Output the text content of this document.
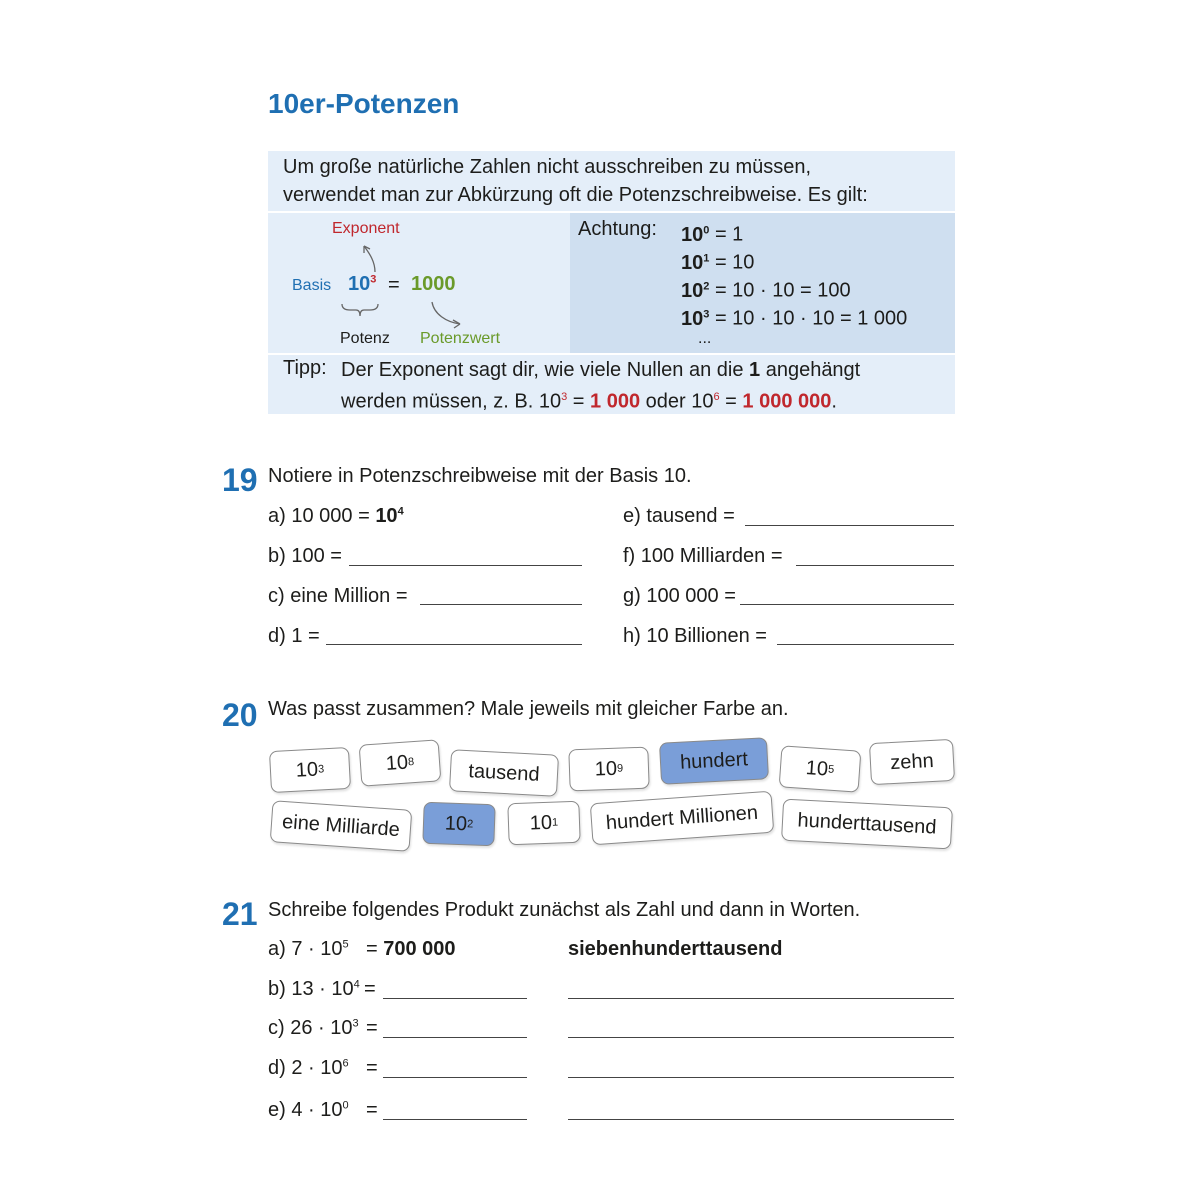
10er-Potenzen
Um große natürliche Zahlen nicht ausschreiben zu müssen,
verwendet man zur Abkürzung oft die Potenzschreibweise. Es gilt:
Exponent
Basis $10^3 = 1000$
Potenz Potenzwert
Achtung: $10^0 = 1$
$10^1 = 10$
$10^2 = 10 \cdot 10 = 100$
$10^3 = 10 \cdot 10 \cdot 10 = 1$ 000
...
Tipp: Der Exponent sagt dir, wie viele Nullen an die 1 angehängt
werden müssen, z. B. $10^3 = 1$ 000 oder $10^6 = 1$ 000 000.
19 Notiere in Potenzschreibweise mit der Basis 10.
a) 10 $000 = 10^4$
b) 100 =
c) eine Million =
d) 1 =
e) tausend =
f) 100 Milliarden =
g) 100 000 =
h) 10 Billionen =
20 Was passt zusammen? Male jeweils mit gleicher Farbe an.
10 3	10
8	tausend	10 9	hundert	10
5	zehn
eine Milliarde	10 2	10 1	hundert Millionen	hunderttausend
21 Schreibe folgendes Produkt zunächst als Zahl und dann in Worten.
a) $7 \cdot 10^5 = 700$ 000	siebenhunderttausend
b) $13 \cdot 10^4$ =
c) $26 \cdot 10^3$ =
d) $2 \cdot 10^6$ =
e) $4 \cdot 10^0$ =
